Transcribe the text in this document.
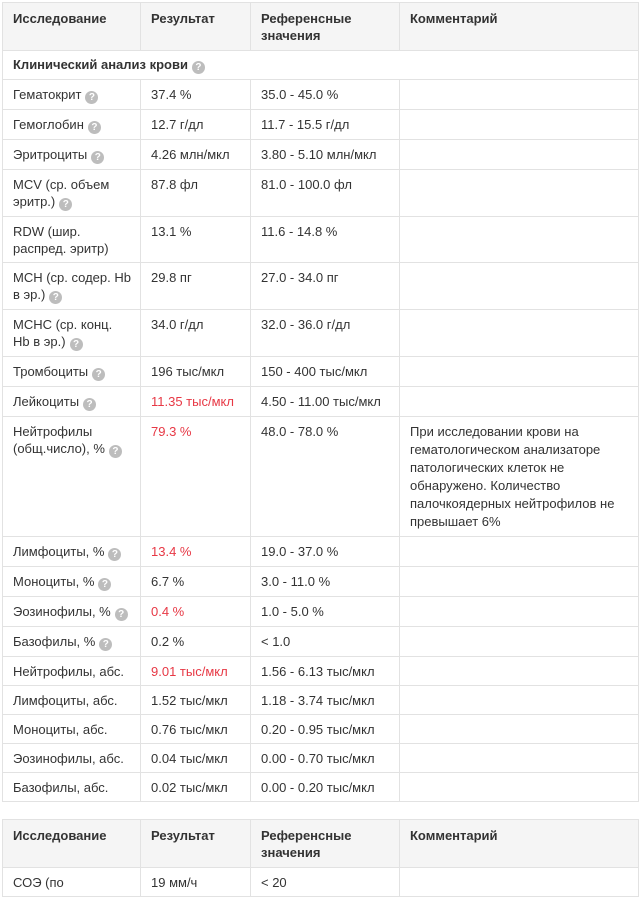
Исследование	Результат	Референсные значения	Комментарий
Клинический анализ крови ?			
Гематокрит ?	37.4 %	35.0 - 45.0 %	
Гемоглобин ?	12.7 г/дл	11.7 - 15.5 г/дл	
Эритроциты ?	4.26 млн/мкл	3.80 - 5.10 млн/мкл	
MCV (ср. объем эритр.) ?	87.8 фл	81.0 - 100.0 фл	
RDW (шир. распред. эритр)	13.1 %	11.6 - 14.8 %	
MCH (ср. содер. Hb в эр.) ?	29.8 пг	27.0 - 34.0 пг	
MCHC (ср. конц. Hb в эр.) ?	34.0 г/дл	32.0 - 36.0 г/дл	
Тромбоциты ?	196 тыс/мкл	150 - 400 тыс/мкл	
Лейкоциты ?	11.35 тыс/мкл	4.50 - 11.00 тыс/мкл	
Нейтрофилы (общ.число), % ?	79.3 %	48.0 - 78.0 %	При исследовании крови на гематологическом анализаторе патологических клеток не обнаружено. Количество палочкоядерных нейтрофилов не превышает 6%
Лимфоциты, % ?	13.4 %	19.0 - 37.0 %	
Моноциты, % ?	6.7 %	3.0 - 11.0 %	
Эозинофилы, % ?	0.4 %	1.0 - 5.0 %	
Базофилы, % ?	0.2 %	< 1.0	
Нейтрофилы, абс.	9.01 тыс/мкл	1.56 - 6.13 тыс/мкл	
Лимфоциты, абс.	1.52 тыс/мкл	1.18 - 3.74 тыс/мкл	
Моноциты, абс.	0.76 тыс/мкл	0.20 - 0.95 тыс/мкл	
Эозинофилы, абс.	0.04 тыс/мкл	0.00 - 0.70 тыс/мкл	
Базофилы, абс.	0.02 тыс/мкл	0.00 - 0.20 тыс/мкл	
Исследование	Результат	Референсные значения	Комментарий
СОЭ (по	19 мм/ч	< 20	
